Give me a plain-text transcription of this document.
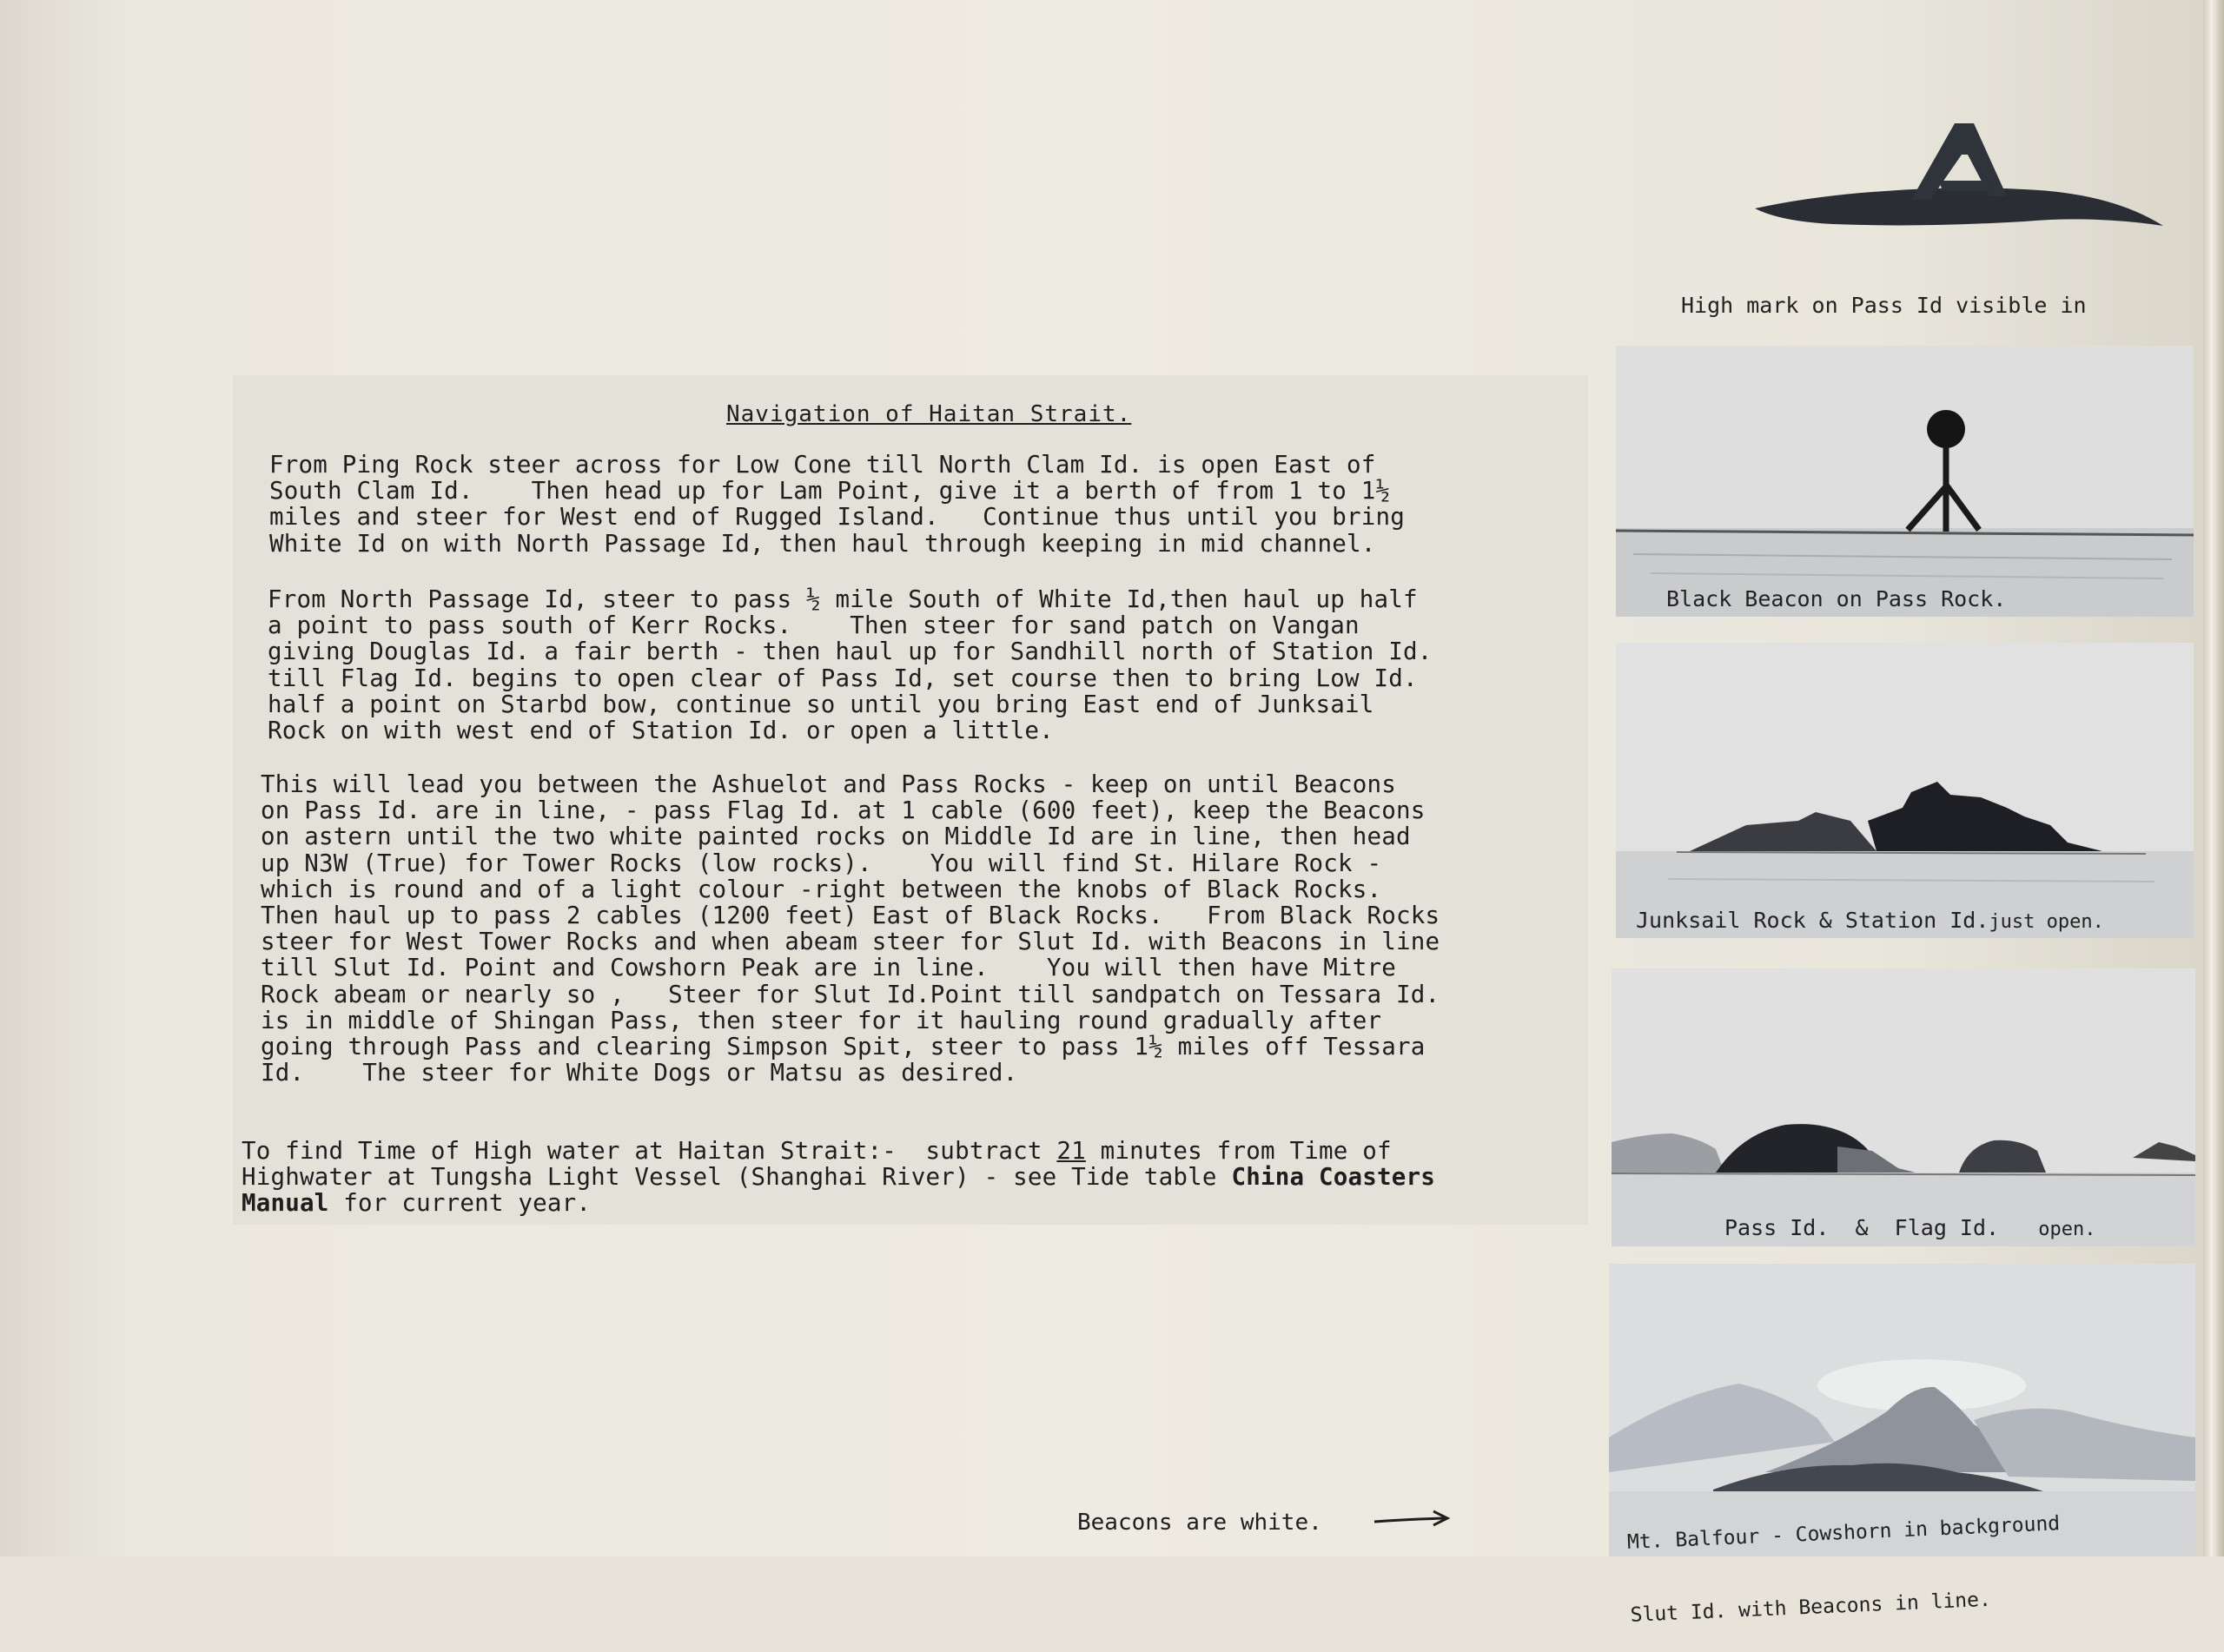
Navigation of Haitan Strait.
From Ping Rock steer across for Low Cone till North Clam Id. is open East of
South Clam Id.    Then head up for Lam Point, give it a berth of from 1 to 1½
miles and steer for West end of Rugged Island.   Continue thus until you bring
White Id on with North Passage Id, then haul through keeping in mid channel.
From North Passage Id, steer to pass ½ mile South of White Id,then haul up half
a point to pass south of Kerr Rocks.    Then steer for sand patch on Vangan
giving Douglas Id. a fair berth - then haul up for Sandhill north of Station Id.
till Flag Id. begins to open clear of Pass Id, set course then to bring Low Id.
half a point on Starbd bow, continue so until you bring East end of Junksail
Rock on with west end of Station Id. or open a little.
This will lead you between the Ashuelot and Pass Rocks - keep on until Beacons
on Pass Id. are in line, - pass Flag Id. at 1 cable (600 feet), keep the Beacons
on astern until the two white painted rocks on Middle Id are in line, then head
up N3W (True) for Tower Rocks (low rocks).    You will find St. Hilare Rock -
which is round and of a light colour -right between the knobs of Black Rocks.
Then haul up to pass 2 cables (1200 feet) East of Black Rocks.   From Black Rocks
steer for West Tower Rocks and when abeam steer for Slut Id. with Beacons in line
till Slut Id. Point and Cowshorn Peak are in line.    You will then have Mitre
Rock abeam or nearly so ,   Steer for Slut Id.Point till sandpatch on Tessara Id.
is in middle of Shingan Pass, then steer for it hauling round gradually after
going through Pass and clearing Simpson Spit, steer to pass 1½ miles off Tessara
Id.    The steer for White Dogs or Matsu as desired.
To find Time of High water at Haitan Strait:-  subtract 21 minutes from Time of
Highwater at Tungsha Light Vessel (Shanghai River) - see Tide table China Coasters
Manual for current year.
Beacons are white.

High mark on Pass Id visible in

Black Beacon on Pass Rock.
Junksail Rock & Station Id.just open.
Pass Id.  &  Flag Id. open.

Mt. Balfour - Cowshorn in background

Slut Id. with Beacons in line.
